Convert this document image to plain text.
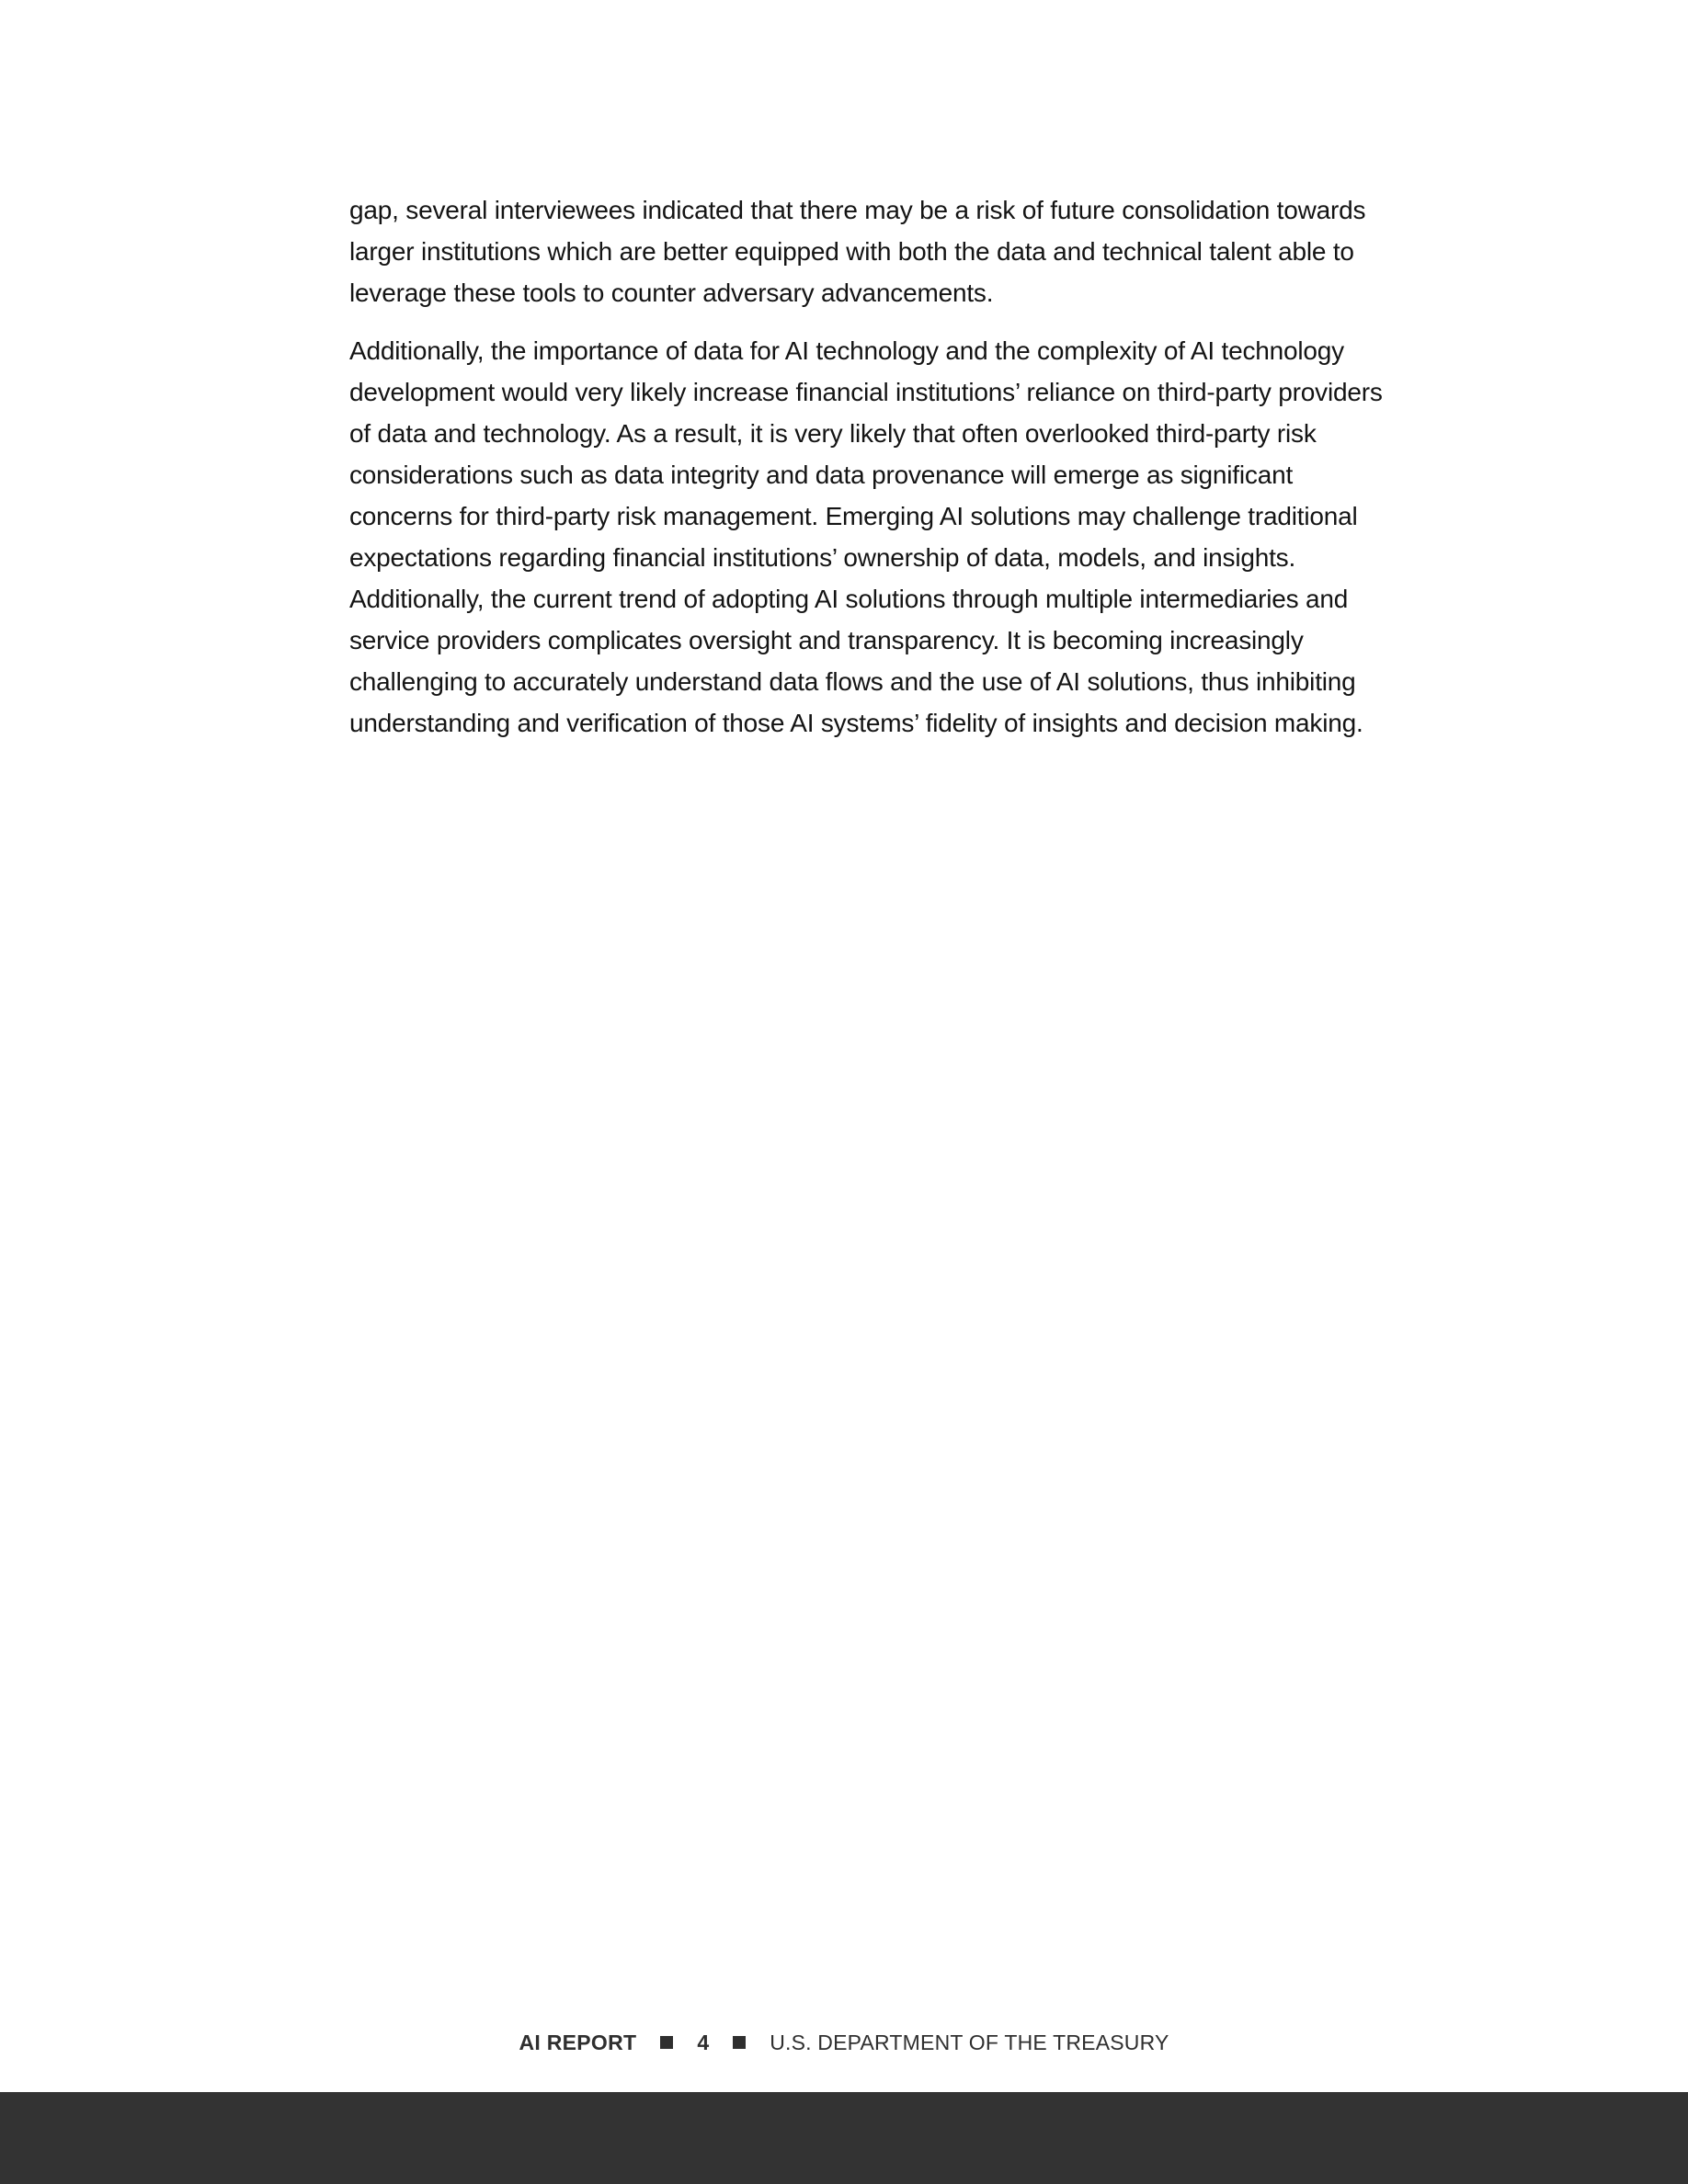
gap, several interviewees indicated that there may be a risk of future consolidation towards larger institutions which are better equipped with both the data and technical talent able to leverage these tools to counter adversary advancements.

Additionally, the importance of data for AI technology and the complexity of AI technology development would very likely increase financial institutions’ reliance on third-party providers of data and technology. As a result, it is very likely that often overlooked third-party risk considerations such as data integrity and data provenance will emerge as significant concerns for third-party risk management. Emerging AI solutions may challenge traditional expectations regarding financial institutions’ ownership of data, models, and insights. Additionally, the current trend of adopting AI solutions through multiple intermediaries and service providers complicates oversight and transparency. It is becoming increasingly challenging to accurately understand data flows and the use of AI solutions, thus inhibiting understanding and verification of those AI systems’ fidelity of insights and decision making.

AI REPORT	4	U.S. DEPARTMENT OF THE TREASURY
